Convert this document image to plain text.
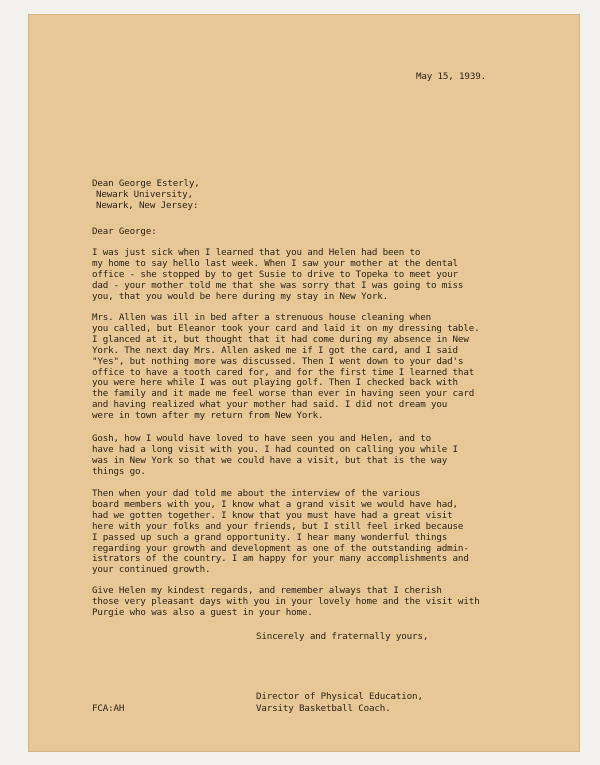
May 15, 1939.
Dean George Esterly,
Newark University,
Newark, New Jersey:
Dear George:
I was just sick when I learned that you and Helen had been to
my home to say hello last week. When I saw your mother at the dental
office - she stopped by to get Susie to drive to Topeka to meet your
dad - your mother told me that she was sorry that I was going to miss
you, that you would be here during my stay in New York.
Mrs. Allen was ill in bed after a strenuous house cleaning when
you called, but Eleanor took your card and laid it on my dressing table.
I glanced at it, but thought that it had come during my absence in New
York. The next day Mrs. Allen asked me if I got the card, and I said
"Yes", but nothing more was discussed. Then I went down to your dad's
office to have a tooth cared for, and for the first time I learned that
you were here while I was out playing golf. Then I checked back with
the family and it made me feel worse than ever in having seen your card
and having realized what your mother had said. I did not dream you
were in town after my return from New York.
Gosh, how I would have loved to have seen you and Helen, and to
have had a long visit with you. I had counted on calling you while I
was in New York so that we could have a visit, but that is the way
things go.
Then when your dad told me about the interview of the various
board members with you, I know what a grand visit we would have had,
had we gotten together. I know that you must have had a great visit
here with your folks and your friends, but I still feel irked because
I passed up such a grand opportunity. I hear many wonderful things
regarding your growth and development as one of the outstanding admin-
istrators of the country. I am happy for your many accomplishments and
your continued growth.
Give Helen my kindest regards, and remember always that I cherish
those very pleasant days with you in your lovely home and the visit with
Purgie who was also a guest in your home.
Sincerely and fraternally yours,
Director of Physical Education,
Varsity Basketball Coach.
FCA:AH
